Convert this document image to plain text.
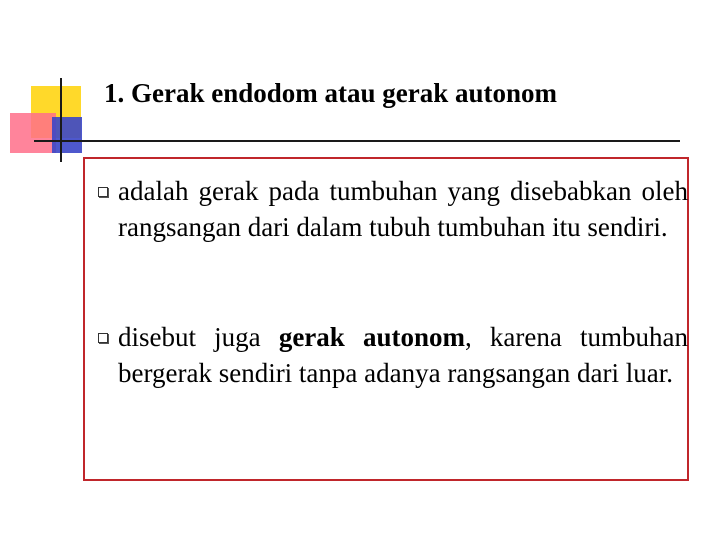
1. Gerak endodom atau gerak autonom
adalah gerak pada tumbuhan yang disebabkan oleh rangsangan dari dalam tubuh tumbuhan itu sendiri.
disebut juga gerak autonom, karena tumbuhan bergerak sendiri tanpa adanya rangsangan dari luar.
